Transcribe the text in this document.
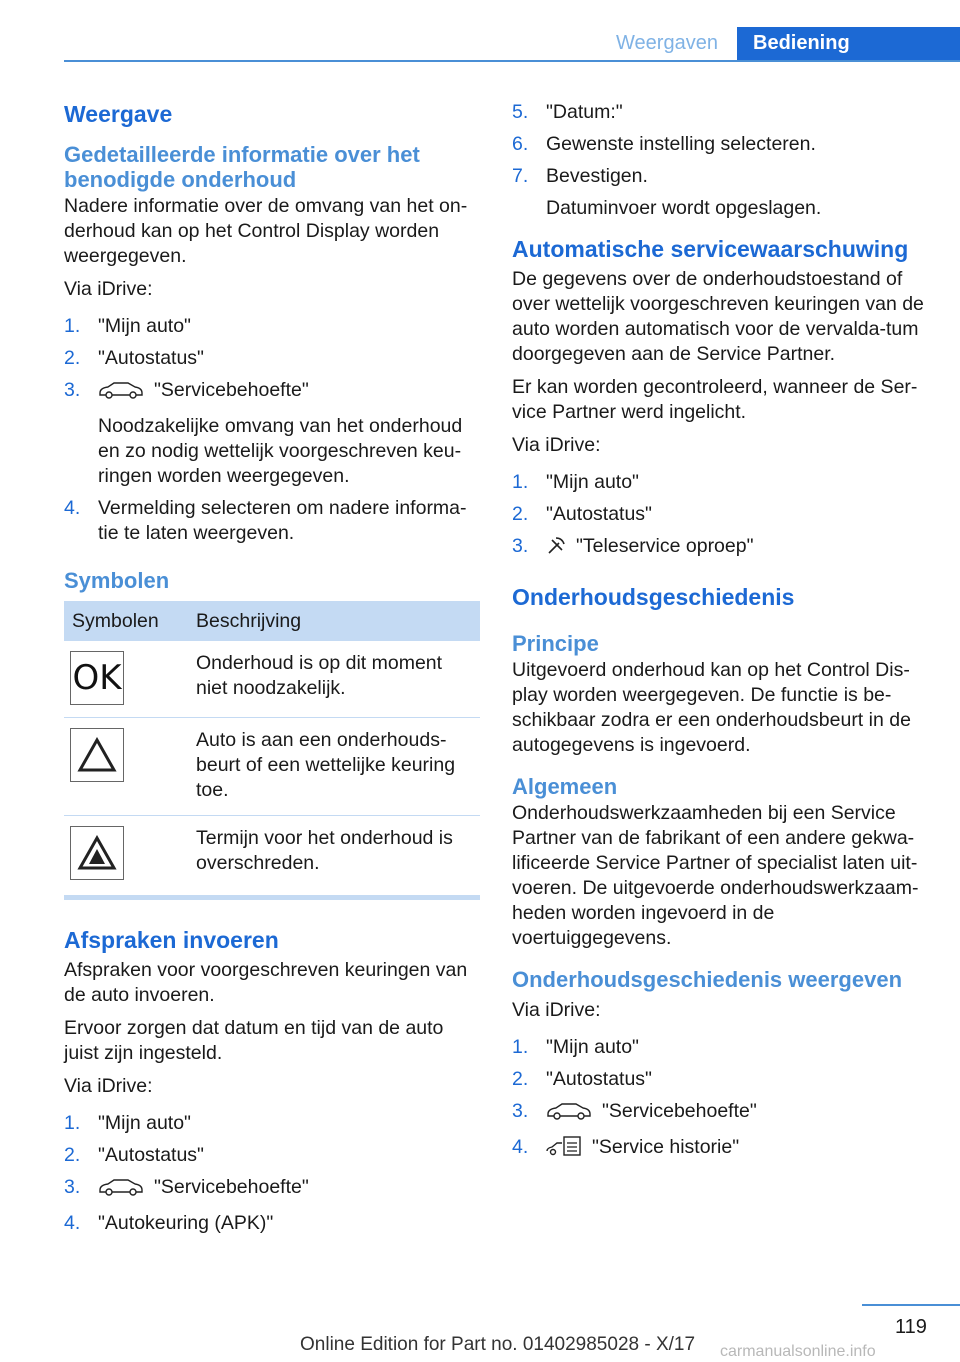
Weergaven	Bediening
Weergave
Gedetailleerde informatie over het benodigde onderhoud

Nadere informatie over de omvang van het on-derhoud kan op het Control Display worden weergegeven.

Via iDrive:

1. "Mijn auto"
2. "Autostatus"
3.	"Servicebehoefte"
Noodzakelijke omvang van het onderhoud en zo nodig wettelijk voorgeschreven keu-ringen worden weergegeven.
4. Vermelding selecteren om nadere informa-tie te laten weergeven.
Symbolen
Symbolen	Beschrijving

OK	Onderhoud is op dit moment niet noodzakelijk.

	Auto is aan een onderhouds-beurt of een wettelijke keuring toe.

	Termijn voor het onderhoud is overschreden.
Afspraken invoeren

Afspraken voor voorgeschreven keuringen van de auto invoeren.

Ervoor zorgen dat datum en tijd van de auto juist zijn ingesteld.

Via iDrive:

1. "Mijn auto"
2. "Autostatus"
3.	"Servicebehoefte"
4. "Autokeuring (APK)"
5. "Datum:"
6. Gewenste instelling selecteren.
7. Bevestigen.
Datuminvoer wordt opgeslagen.
Automatische servicewaarschuwing

De gegevens over de onderhoudstoestand of over wettelijk voorgeschreven keuringen van de auto worden automatisch voor de vervalda-tum doorgegeven aan de Service Partner.

Er kan worden gecontroleerd, wanneer de Ser-vice Partner werd ingelicht.

Via iDrive:

1. "Mijn auto"
2. "Autostatus"
3. "Teleservice oproep"
Onderhoudsgeschiedenis
Principe

Uitgevoerd onderhoud kan op het Control Dis-play worden weergegeven. De functie is be-schikbaar zodra er een onderhoudsbeurt in de autogegevens is ingevoerd.

Algemeen

Onderhoudswerkzaamheden bij een Service Partner van de fabrikant of een andere gekwa-lificeerde Service Partner of specialist laten uit-voeren. De uitgevoerde onderhoudswerkzaam-heden worden ingevoerd in de voertuiggegevens.

Onderhoudsgeschiedenis weergeven

Via iDrive:

1. "Mijn auto"
2. "Autostatus"
3.	"Servicebehoefte"
4.	"Service historie"
119
Online Edition for Part no. 01402985028 - X/17 carmanualsonline.info
